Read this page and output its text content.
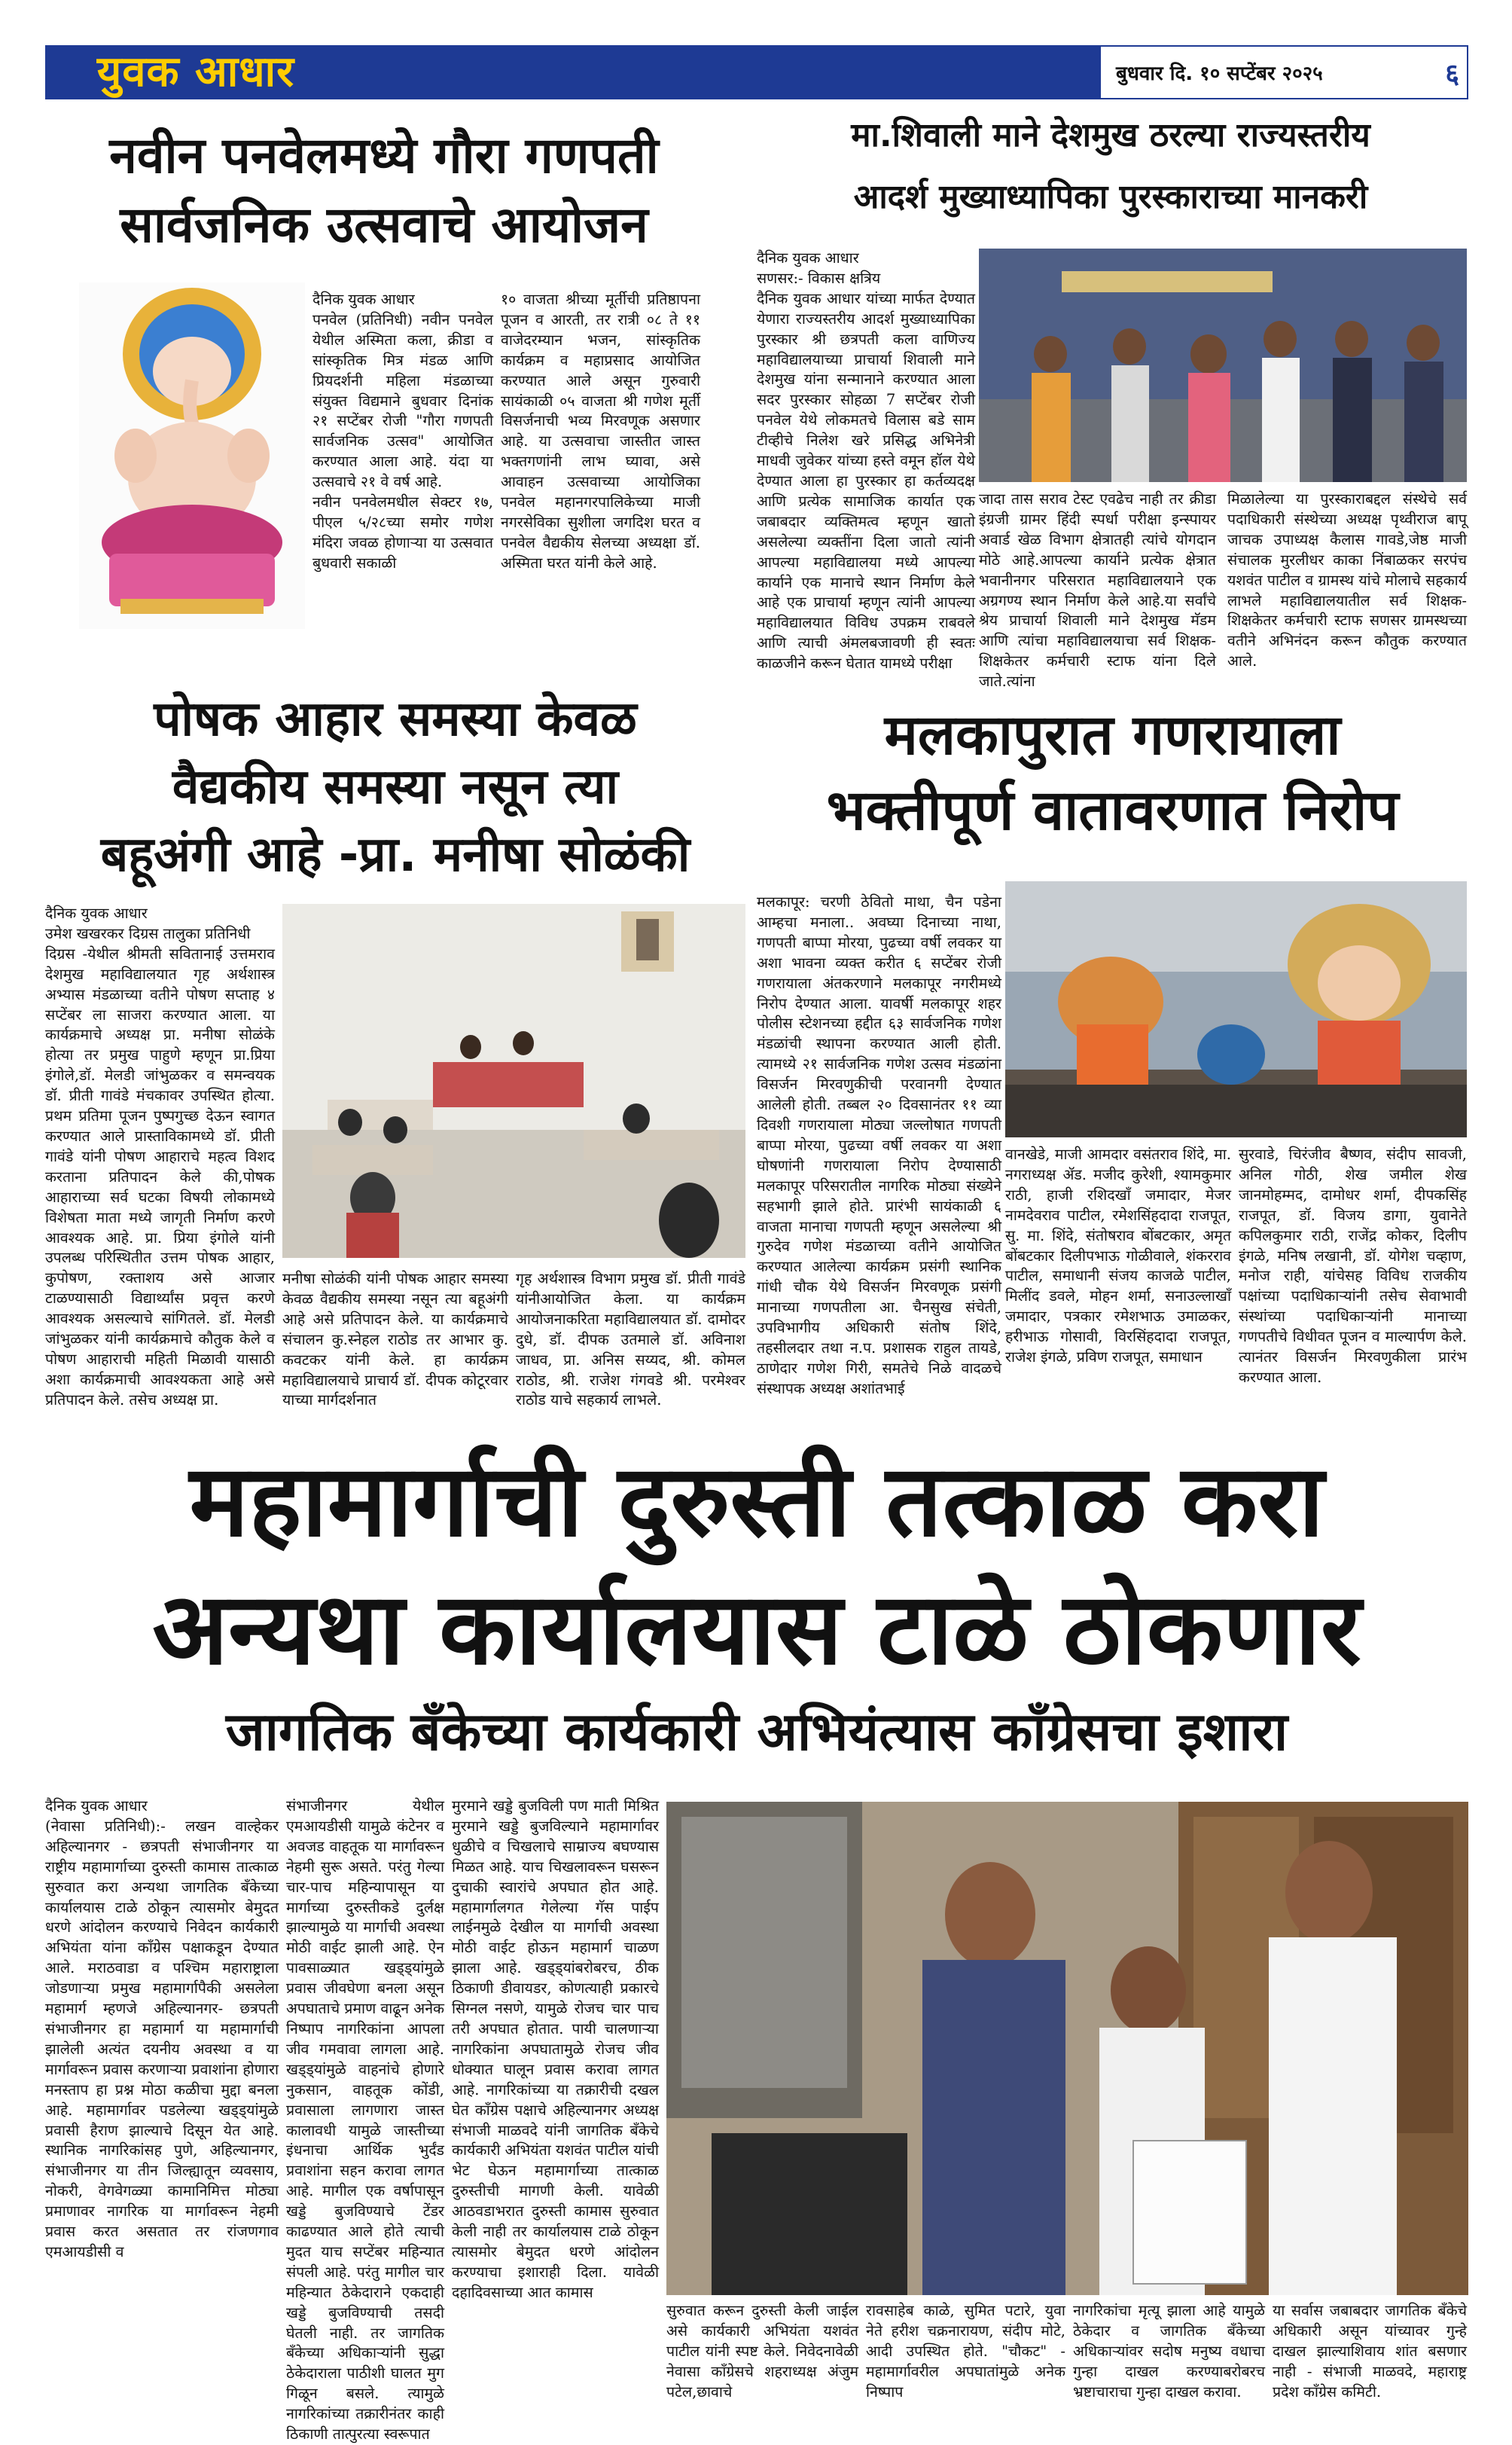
युवक आधार	बुधवार दि. १० सप्टेंबर २०२५	६
नवीन पनवेलमध्ये गौरा गणपती
सार्वजनिक उत्सवाचे आयोजन

दैनिक युवक आधार
पनवेल (प्रतिनिधी) नवीन पनवेल येथील अस्मिता कला, क्रीडा व सांस्कृतिक मित्र मंडळ आणि प्रियदर्शनी महिला मंडळाच्या संयुक्त विद्यमाने बुधवार दिनांक २१ सप्टेंबर रोजी "गौरा गणपती सार्वजनिक उत्सव" आयोजित करण्यात आला आहे. यंदा या उत्सवाचे २१ वे वर्ष आहे.
नवीन पनवेलमधील सेक्टर १७, पीएल ५/२८च्या समोर गणेश मंदिरा जवळ होणाऱ्या या उत्सवात बुधवारी सकाळी

१० वाजता श्रीच्या मूर्तीची प्रतिष्ठापना पूजन व आरती, तर रात्री ०८ ते ११ वाजेदरम्यान भजन, सांस्कृतिक कार्यक्रम व महाप्रसाद आयोजित करण्यात आले असून गुरुवारी सायंकाळी ०५ वाजता श्री गणेश मूर्ती विसर्जनाची भव्य मिरवणूक असणार आहे. या उत्सवाचा जास्तीत जास्त भक्तगणांनी लाभ घ्यावा, असे आवाहन उत्सवाच्या आयोजिका पनवेल महानगरपालिकेच्या माजी नगरसेविका सुशीला जगदिश घरत व पनवेल वैद्यकीय सेलच्या अध्यक्षा डॉ. अस्मिता घरत यांनी केले आहे.

मा.शिवाली माने देशमुख ठरल्या राज्यस्तरीय
आदर्श मुख्याध्यापिका पुरस्काराच्या मानकरी

दैनिक युवक आधार
सणसर:- विकास क्षत्रिय
दैनिक युवक आधार यांच्या मार्फत देण्यात येणारा राज्यस्तरीय आदर्श मुख्याध्यापिका पुरस्कार श्री छत्रपती कला वाणिज्य महाविद्यालयाच्या प्राचार्या शिवाली माने देशमुख यांना सन्मानाने करण्यात आला सदर पुरस्कार सोहळा 7 सप्टेंबर रोजी पनवेल येथे लोकमतचे विलास बडे साम टीव्हीचे निलेश खरे प्रसिद्ध अभिनेत्री माधवी जुवेकर यांच्या हस्ते वमून हॉल येथे देण्यात आला हा पुरस्कार हा कर्तव्यदक्ष आणि प्रत्येक सामाजिक कार्यात एक जबाबदार व्यक्तिमत्व म्हणून खातो असलेल्या व्यक्तींना दिला जातो त्यांनी आपल्या महाविद्यालया मध्ये आपल्या कार्याने एक मानाचे स्थान निर्माण केले आहे एक प्राचार्या म्हणून त्यांनी आपल्या महाविद्यालयात विविध उपक्रम राबवले आणि त्याची अंमलबजावणी ही स्वतः काळजीने करून घेतात यामध्ये परीक्षा

जादा तास सराव टेस्ट एवढेच नाही तर क्रीडा इंग्रजी ग्रामर हिंदी स्पर्धा परीक्षा इन्स्पायर अवार्ड खेळ विभाग क्षेत्रातही त्यांचे योगदान मोठे आहे.आपल्या कार्याने प्रत्येक क्षेत्रात भवानीनगर परिसरात महाविद्यालयाने एक अग्रगण्य स्थान निर्माण केले आहे.या सर्वांचे श्रेय प्राचार्या शिवाली माने देशमुख मॅडम आणि त्यांचा महाविद्यालयाचा सर्व शिक्षक-शिक्षकेतर कर्मचारी स्टाफ यांना दिले जाते.त्यांना

मिळालेल्या या पुरस्काराबद्दल संस्थेचे सर्व पदाधिकारी संस्थेच्या अध्यक्ष पृथ्वीराज बापू जाचक उपाध्यक्ष कैलास गावडे,जेष्ठ माजी संचालक मुरलीधर काका निंबाळकर सरपंच यशवंत पाटील व ग्रामस्थ यांचे मोलाचे सहकार्य लाभले महाविद्यालयातील सर्व शिक्षक-शिक्षकेतर कर्मचारी स्टाफ सणसर ग्रामस्थच्या वतीने अभिनंदन करून कौतुक करण्यात आले.

पोषक आहार समस्या केवळ
वैद्यकीय समस्या नसून त्या
बहूअंगी आहे -प्रा. मनीषा सोळंकी

दैनिक युवक आधार
उमेश खखरकर दिग्रस तालुका प्रतिनिधी
दिग्रस -येथील श्रीमती सवितानाई उत्तमराव देशमुख महाविद्यालयात गृह अर्थशास्त्र अभ्यास मंडळाच्या वतीने पोषण सप्ताह ४ सप्टेंबर ला साजरा करण्यात आला. या कार्यक्रमाचे अध्यक्ष प्रा. मनीषा सोळंके होत्या तर प्रमुख पाहुणे म्हणून प्रा.प्रिया इंगोले,डॉ. मेलडी जांभुळकर व समन्वयक डॉ. प्रीती गावंडे मंचकावर उपस्थित होत्या. प्रथम प्रतिमा पूजन पुष्पगुच्छ देऊन स्वागत करण्यात आले प्रास्ताविकामध्ये डॉ. प्रीती गावंडे यांनी पोषण आहाराचे महत्व विशद करताना प्रतिपादन केले की,पोषक आहाराच्या सर्व घटका विषयी लोकामध्ये विशेषता माता मध्ये जागृती निर्माण करणे आवश्यक आहे. प्रा. प्रिया इंगोले यांनी उपलब्ध परिस्थितीत उत्तम पोषक आहार, कुपोषण, रक्ताशय असे आजार टाळण्यासाठी विद्यार्थ्यांस प्रवृत्त करणे आवश्यक असल्याचे सांगितले. डॉ. मेलडी जांभुळकर यांनी कार्यक्रमाचे कौतुक केले व पोषण आहाराची महिती मिळावी यासाठी अशा कार्यक्रमाची आवश्यकता आहे असे प्रतिपादन केले. तसेच अध्यक्ष प्रा.

मनीषा सोळंकी यांनी पोषक आहार समस्या केवळ वैद्यकीय समस्या नसून त्या बहूअंगी आहे असे प्रतिपादन केले. या कार्यक्रमाचे संचालन कु.स्नेहल राठोड तर आभार कु. कवटकर यांनी केले. हा कार्यक्रम महाविद्यालयाचे प्राचार्य डॉ. दीपक कोटूरवार याच्या मार्गदर्शनात

गृह अर्थशास्त्र विभाग प्रमुख डॉ. प्रीती गावंडे यांनीआयोजित केला. या कार्यक्रम आयोजनाकरिता महाविद्यालयात डॉ. दामोदर दुधे, डॉ. दीपक उतमाले डॉ. अविनाश जाधव, प्रा. अनिस सय्यद, श्री. कोमल राठोड, श्री. राजेश गंगवडे श्री. परमेश्वर राठोड याचे सहकार्य लाभले.

मलकापुरात गणरायाला
भक्तीपूर्ण वातावरणात निरोप

मलकापूर: चरणी ठेवितो माथा, चैन पडेना आम्हचा मनाला.. अवघ्या दिनाच्या नाथा, गणपती बाप्पा मोरया, पुढच्या वर्षी लवकर या अशा भावना व्यक्त करीत ६ सप्टेंबर रोजी गणरायाला अंतकरणाने मलकापूर नगरीमध्ये निरोप देण्यात आला. यावर्षी मलकापूर शहर पोलीस स्टेशनच्या हद्दीत ६३ सार्वजनिक गणेश मंडळांची स्थापना करण्यात आली होती. त्यामध्ये २१ सार्वजनिक गणेश उत्सव मंडळांना विसर्जन मिरवणुकीची परवानगी देण्यात आलेली होती. तब्बल २० दिवसानंतर ११ व्या दिवशी गणरायाला मोठ्या जल्लोषात गणपती बाप्पा मोरया, पुढच्या वर्षी लवकर या अशा घोषणांनी गणरायाला निरोप देण्यासाठी मलकापूर परिसरातील नागरिक मोठ्या संख्येने सहभागी झाले होते. प्रारंभी सायंकाळी ६ वाजता मानाचा गणपती म्हणून असलेल्या श्री गुरुदेव गणेश मंडळाच्या वतीने आयोजित करण्यात आलेल्या कार्यक्रम प्रसंगी स्थानिक गांधी चौक येथे विसर्जन मिरवणूक प्रसंगी मानाच्या गणपतीला आ. चैनसुख संचेती, उपविभागीय अधिकारी संतोष शिंदे, तहसीलदार तथा न.प. प्रशासक राहुल तायडे, ठाणेदार गणेश गिरी, समतेचे निळे वादळचे संस्थापक अध्यक्ष अशांतभाई

वानखेडे, माजी आमदार वसंतराव शिंदे, मा. नगराध्यक्ष ॲड. मजीद कुरेशी, श्यामकुमार राठी, हाजी रशिदखाँ जमादार, मेजर नामदेवराव पाटील, रमेशसिंहदादा राजपूत, सु. मा. शिंदे, संतोषराव बोंबटकार, अमृत बोंबटकार दिलीपभाऊ गोळीवाले, शंकरराव पाटील, समाधानी संजय काजळे पाटील, मिलींद डवले, मोहन शर्मा, सनाउल्लाखाँ जमादार, पत्रकार रमेशभाऊ उमाळकर, हरीभाऊ गोसावी, विरसिंहदादा राजपूत, राजेश इंगळे, प्रविण राजपूत, समाधान

सुरवाडे, चिरंजीव बैष्णव, संदीप सावजी, अनिल गोठी, शेख जमील शेख जानमोहम्मद, दामोधर शर्मा, दीपकसिंह राजपूत, डॉ. विजय डागा, युवानेते कपिलकुमार राठी, राजेंद्र कोकर, दिलीप इंगळे, मनिष लखानी, डॉ. योगेश चव्हाण, मनोज राही, यांचेसह विविध राजकीय पक्षांच्या पदाधिकाऱ्यांनी तसेच सेवाभावी संस्थांच्या पदाधिकाऱ्यांनी मानाच्या गणपतीचे विधीवत पूजन व माल्यार्पण केले. त्यानंतर विसर्जन मिरवणुकीला प्रारंभ करण्यात आला.

महामार्गाची दुरुस्ती तत्काळ करा
अन्यथा कार्यालयास टाळे ठोकणार
जागतिक बँकेच्या कार्यकारी अभियंत्यास काँग्रेसचा इशारा

दैनिक युवक आधार
(नेवासा प्रतिनिधी):- लखन वाल्हेकर अहिल्यानगर - छत्रपती संभाजीनगर या राष्ट्रीय महामार्गाच्या दुरुस्ती कामास तात्काळ सुरुवात करा अन्यथा जागतिक बँकेच्या कार्यालयास टाळे ठोकून त्यासमोर बेमुदत धरणे आंदोलन करण्याचे निवेदन कार्यकारी अभियंता यांना काँग्रेस पक्षाकडून देण्यात आले. मराठवाडा व पश्चिम महाराष्ट्राला जोडणाऱ्या प्रमुख महामार्गापैकी असलेला महामार्ग म्हणजे अहिल्यानगर- छत्रपती संभाजीनगर हा महामार्ग या महामार्गाची झालेली अत्यंत दयनीय अवस्था व या मार्गावरून प्रवास करणाऱ्या प्रवाशांना होणारा मनस्ताप हा प्रश्न मोठा कळीचा मुद्दा बनला आहे. महामार्गावर पडलेल्या खड्ड्यांमुळे प्रवासी हैराण झाल्याचे दिसून येत आहे. स्थानिक नागरिकांसह पुणे, अहिल्यानगर, संभाजीनगर या तीन जिल्ह्यातून व्यवसाय, नोकरी, वेगवेगळ्या कामानिमित्त मोठ्या प्रमाणावर नागरिक या मार्गावरून नेहमी प्रवास करत असतात तर रांजणगाव एमआयडीसी व

संभाजीनगर येथील एमआयडीसी यामुळे कंटेनर व अवजड वाहतूक या मार्गावरून नेहमी सुरू असते. परंतु गेल्या चार-पाच महिन्यापासून या मार्गाच्या दुरुस्तीकडे दुर्लक्ष झाल्यामुळे या मार्गाची अवस्था मोठी वाईट झाली आहे. ऐन पावसाळ्यात खड्ड्यांमुळे प्रवास जीवघेणा बनला असून अपघाताचे प्रमाण वाढून अनेक निष्पाप नागरिकांना आपला जीव गमवावा लागला आहे. खड्ड्यांमुळे वाहनांचे होणारे नुकसान, वाहतूक कोंडी, प्रवासाला लागणारा जास्त कालावधी यामुळे जास्तीच्या इंधनाचा आर्थिक भुर्दंड प्रवाशांना सहन करावा लागत आहे. मागील एक वर्षापासून खड्डे बुजविण्याचे टेंडर काढण्यात आले होते त्याची मुदत याच सप्टेंबर महिन्यात संपली आहे. परंतु मागील चार महिन्यात ठेकेदाराने एकदाही खड्डे बुजविण्याची तसदी घेतली नाही. तर जागतिक बँकेच्या अधिकाऱ्यांनी सुद्धा ठेकेदाराला पाठीशी घालत मुग गिळून बसले. त्यामुळे नागरिकांच्या तक्रारीनंतर काही ठिकाणी तात्पुरत्या स्वरूपात

मुरमाने खड्डे बुजविली पण माती मिश्रित मुरमाने खड्डे बुजविल्याने महामार्गावर धुळीचे व चिखलाचे साम्राज्य बघण्यास मिळत आहे. याच चिखलावरून घसरून दुचाकी स्वारांचे अपघात होत आहे. महामार्गालगत गेलेल्या गॅस पाईप लाईनमुळे देखील या मार्गाची अवस्था मोठी वाईट होऊन महामार्ग चाळण झाला आहे. खड्ड्यांबरोबरच, ठीक ठिकाणी डीवायडर, कोणत्याही प्रकारचे सिग्नल नसणे, यामुळे रोजच चार पाच तरी अपघात होतात. पायी चालणाऱ्या नागरिकांना अपघातामुळे रोजच जीव धोक्यात घालून प्रवास करावा लागत आहे. नागरिकांच्या या तक्रारीची दखल घेत काँग्रेस पक्षाचे अहिल्यानगर अध्यक्ष संभाजी माळवदे यांनी जागतिक बँकेचे कार्यकारी अभियंता यशवंत पाटील यांची भेट घेऊन महामार्गाच्या तात्काळ दुरुस्तीची मागणी केली. यावेळी आठवडाभरात दुरुस्ती कामास सुरुवात केली नाही तर कार्यालयास टाळे ठोकून त्यासमोर बेमुदत धरणे आंदोलन करण्याचा इशाराही दिला. यावेळी दहादिवसाच्या आत कामास

सुरुवात करून दुरुस्ती केली जाईल असे कार्यकारी अभियंता यशवंत पाटील यांनी स्पष्ट केले. निवेदनावेळी नेवासा काँग्रेसचे शहराध्यक्ष अंजुम पटेल,छावाचे

रावसाहेब काळे, सुमित पटारे, युवा नेते हरीश चक्रनारायण, संदीप मोटे, आदी उपस्थित होते. "चौकट" - महामार्गावरील अपघातांमुळे अनेक निष्पाप

नागरिकांचा मृत्यू झाला आहे यामुळे ठेकेदार व जागतिक बँकेच्या अधिकाऱ्यांवर सदोष मनुष्य वधाचा गुन्हा दाखल करण्याबरोबरच भ्रष्टाचाराचा गुन्हा दाखल करावा.

या सर्वास जबाबदार जागतिक बँकेचे अधिकारी असून यांच्यावर गुन्हे दाखल झाल्याशिवाय शांत बसणार नाही - संभाजी माळवदे, महाराष्ट्र प्रदेश काँग्रेस कमिटी.
